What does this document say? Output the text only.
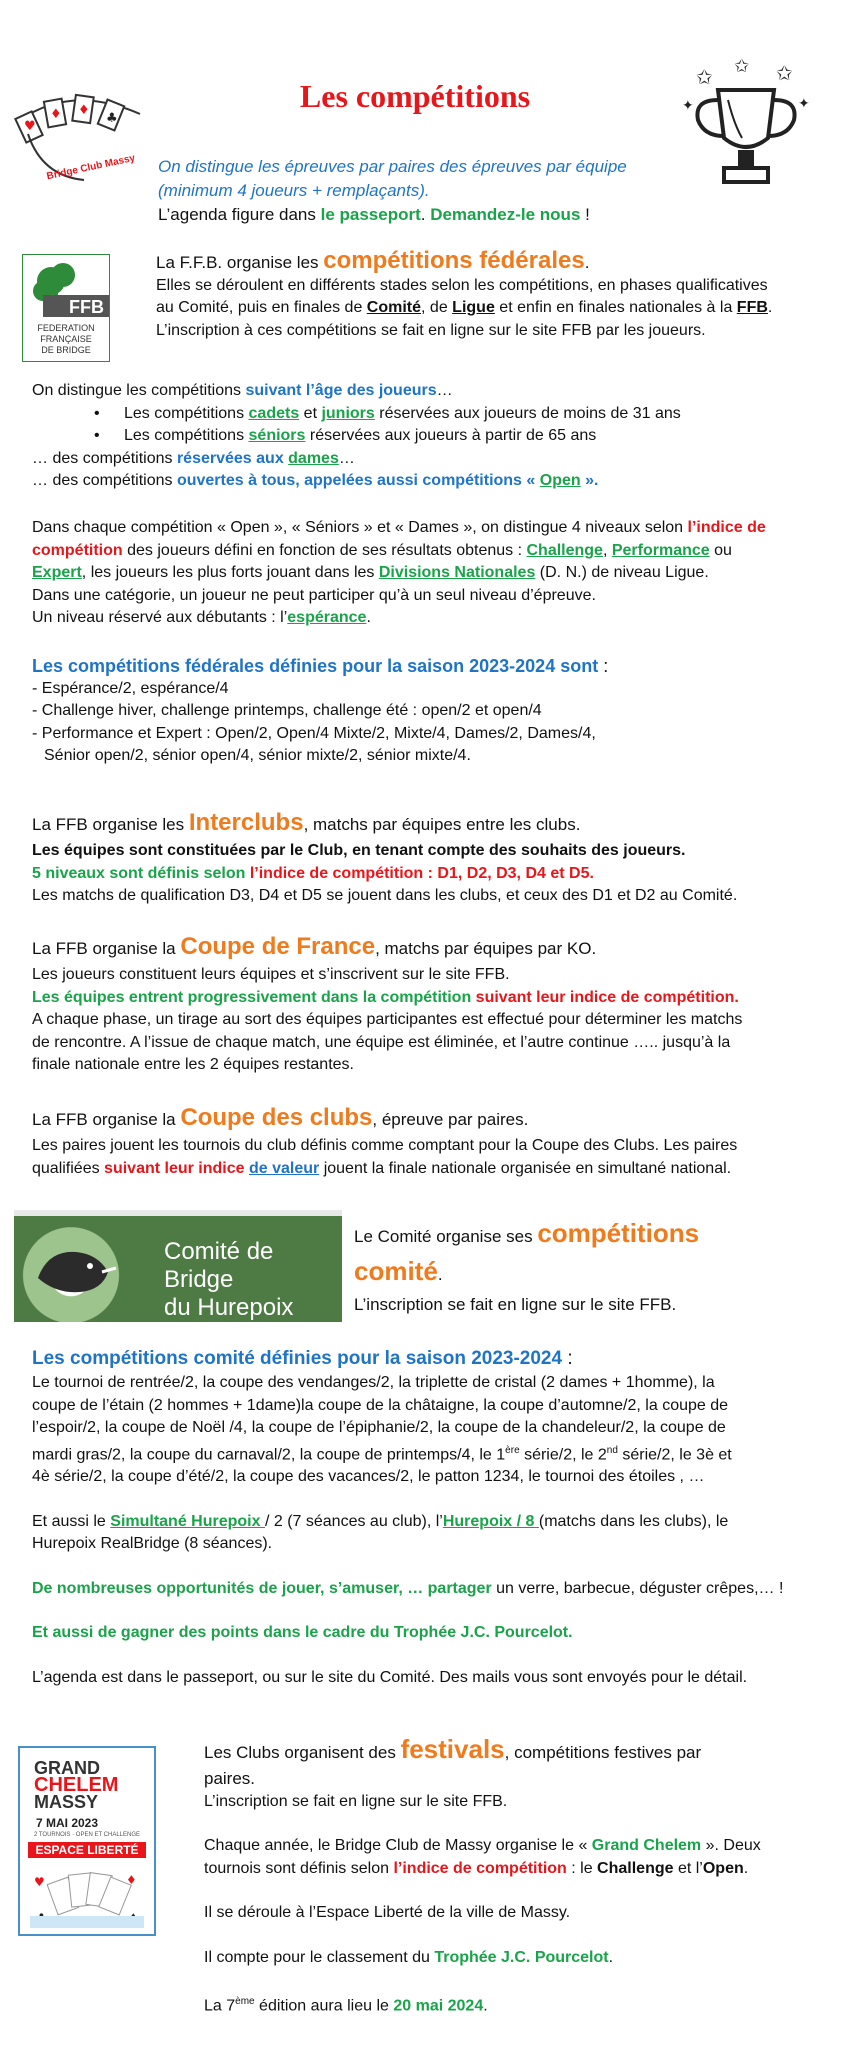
♥
♦ ♦
♣
Bridge Club Massy
✩ ✩ ✩
✦	✦
Les compétitions
On distingue les épreuves par paires des épreuves par équipe (minimum 4 joueurs + remplaçants).
L’agenda figure dans le passeport. Demandez-le nous !
FFB
FEDERATION
FRANÇAISE
DE BRIDGE

La F.F.B. organise les compétitions fédérales.

Elles se déroulent en différents stades selon les compétitions, en phases qualificatives

au Comité, puis en finales de Comité, de Ligue et enfin en finales nationales à la FFB.

L’inscription à ces compétitions se fait en ligne sur le site FFB par les joueurs.

On distingue les compétitions suivant l’âge des joueurs…

• Les compétitions cadets et juniors réservées aux joueurs de moins de 31 ans
• Les compétitions séniors réservées aux joueurs à partir de 65 ans

… des compétitions réservées aux dames…

… des compétitions ouvertes à tous, appelées aussi compétitions « Open ».

Dans chaque compétition « Open », « Séniors » et « Dames », on distingue 4 niveaux selon l’indice de

compétition des joueurs défini en fonction de ses résultats obtenus : Challenge, Performance ou

Expert, les joueurs les plus forts jouant dans les Divisions Nationales (D. N.) de niveau Ligue.

Dans une catégorie, un joueur ne peut participer qu’à un seul niveau d’épreuve.

Un niveau réservé aux débutants : l’espérance.

Les compétitions fédérales définies pour la saison 2023-2024 sont :

- Espérance/2, espérance/4

- Challenge hiver, challenge printemps, challenge été : open/2 et open/4

- Performance et Expert : Open/2, Open/4 Mixte/2, Mixte/4, Dames/2, Dames/4,

Sénior open/2, sénior open/4, sénior mixte/2, sénior mixte/4.

La FFB organise les Interclubs, matchs par équipes entre les clubs.

Les équipes sont constituées par le Club, en tenant compte des souhaits des joueurs.

5 niveaux sont définis selon l’indice de compétition : D1, D2, D3, D4 et D5.

Les matchs de qualification D3, D4 et D5 se jouent dans les clubs, et ceux des D1 et D2 au Comité.

La FFB organise la Coupe de France, matchs par équipes par KO.

Les joueurs constituent leurs équipes et s’inscrivent sur le site FFB.

Les équipes entrent progressivement dans la compétition suivant leur indice de compétition.

A chaque phase, un tirage au sort des équipes participantes est effectué pour déterminer les matchs

de rencontre. A l’issue de chaque match, une équipe est éliminée, et l’autre continue ….. jusqu’à la

finale nationale entre les 2 équipes restantes.

La FFB organise la Coupe des clubs, épreuve par paires.

Les paires jouent les tournois du club définis comme comptant pour la Coupe des Clubs. Les paires

qualifiées suivant leur indice de valeur jouent la finale nationale organisée en simultané national.

Comité de Bridge
du Hurepoix
Le Comité organise ses compétitions
comité.
L’inscription se fait en ligne sur le site FFB.

Les compétitions comité définies pour la saison 2023-2024 :

Le tournoi de rentrée/2, la coupe des vendanges/2, la triplette de cristal (2 dames + 1homme), la

coupe de l’étain (2 hommes + 1dame)la coupe de la châtaigne, la coupe d’automne/2, la coupe de

l’espoir/2, la coupe de Noël /4, la coupe de l’épiphanie/2, la coupe de la chandeleur/2, la coupe de

mardi gras/2, la coupe du carnaval/2, la coupe de printemps/4, le 1ère série/2, le 2nd série/2, le 3è et

4è série/2, la coupe d’été/2, la coupe des vacances/2, le patton 1234, le tournoi des étoiles , …

Et aussi le Simultané Hurepoix / 2 (7 séances au club), l’Hurepoix / 8 (matchs dans les clubs), le

Hurepoix RealBridge (8 séances).

De nombreuses opportunités de jouer, s’amuser, … partager un verre, barbecue, déguster crêpes,… !

Et aussi de gagner des points dans le cadre du Trophée J.C. Pourcelot.

L’agenda est dans le passeport, ou sur le site du Comité. Des mails vous sont envoyés pour le détail.

GRAND
CHELEM
MASSY
7 MAI 2023
2 TOURNOIS · OPEN ET CHALLENGE
ESPACE LIBERTÉ
♥	♦
Les Clubs organisent des festivals, compétitions festives par
paires.
L’inscription se fait en ligne sur le site FFB.
Chaque année, le Bridge Club de Massy organise le « Grand Chelem ». Deux
tournois sont définis selon l’indice de compétition : le Challenge et l’Open.
Il se déroule à l’Espace Liberté de la ville de Massy.
Il compte pour le classement du Trophée J.C. Pourcelot.
La 7ème édition aura lieu le 20 mai 2024.
